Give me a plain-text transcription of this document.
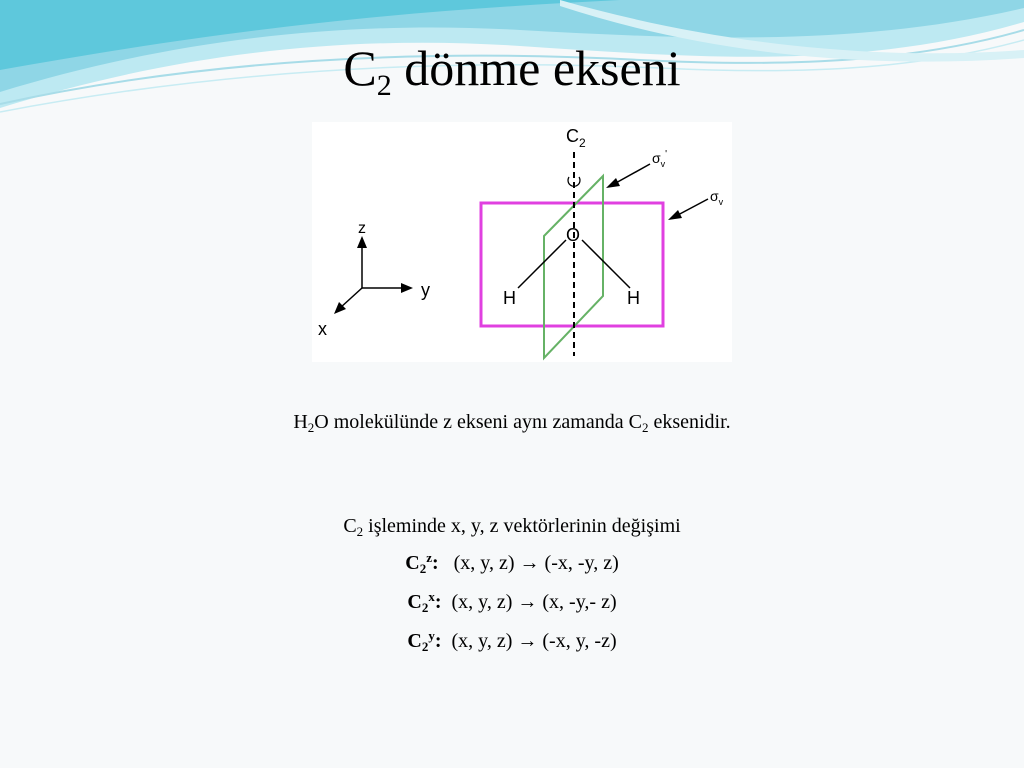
$C_2$ dönme ekseni
$C_2$
O
H	H
$\sigma_v'$
$\sigma_v$
z
y
x
$H_2O$ molekülünde z ekseni aynı zamanda $C_2$ eksenidir.
$C_2$ işleminde x, y, z vektörlerinin değişimi
$C_2^z$:   (x, y, z) → (-x, -y, z)
$C_2^x$:  (x, y, z) → (x, -y,- z)
$C_2^y$:  (x, y, z) → (-x, y, -z)
